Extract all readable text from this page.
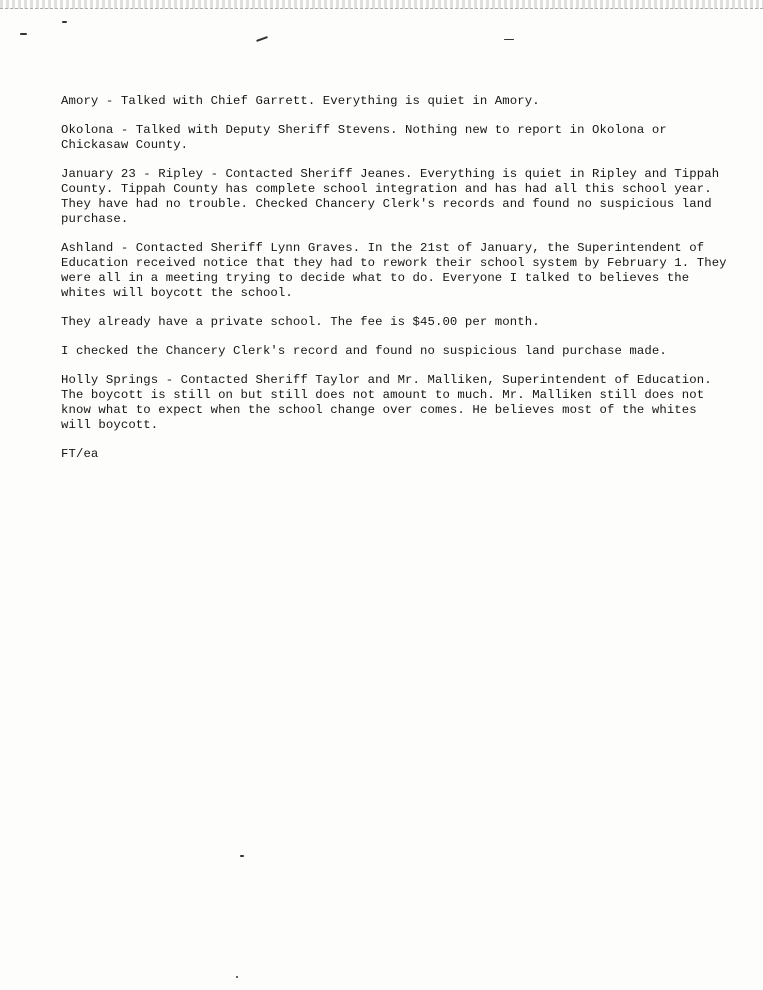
Amory - Talked with Chief Garrett. Everything is quiet in Amory.

Okolona - Talked with Deputy Sheriff Stevens. Nothing new to report in Okolona or
Chickasaw County.

January 23 - Ripley - Contacted Sheriff Jeanes. Everything is quiet in Ripley and Tippah
County. Tippah County has complete school integration and has had all this school year.
They have had no trouble. Checked Chancery Clerk's records and found no suspicious land
purchase.

Ashland - Contacted Sheriff Lynn Graves. In the 21st of January, the Superintendent of
Education received notice that they had to rework their school system by February 1. They
were all in a meeting trying to decide what to do. Everyone I talked to believes the
whites will boycott the school.

They already have a private school. The fee is $45.00 per month.

I checked the Chancery Clerk's record and found no suspicious land purchase made.

Holly Springs - Contacted Sheriff Taylor and Mr. Malliken, Superintendent of Education.
The boycott is still on but still does not amount to much. Mr. Malliken still does not
know what to expect when the school change over comes. He believes most of the whites
will boycott.

FT/ea
